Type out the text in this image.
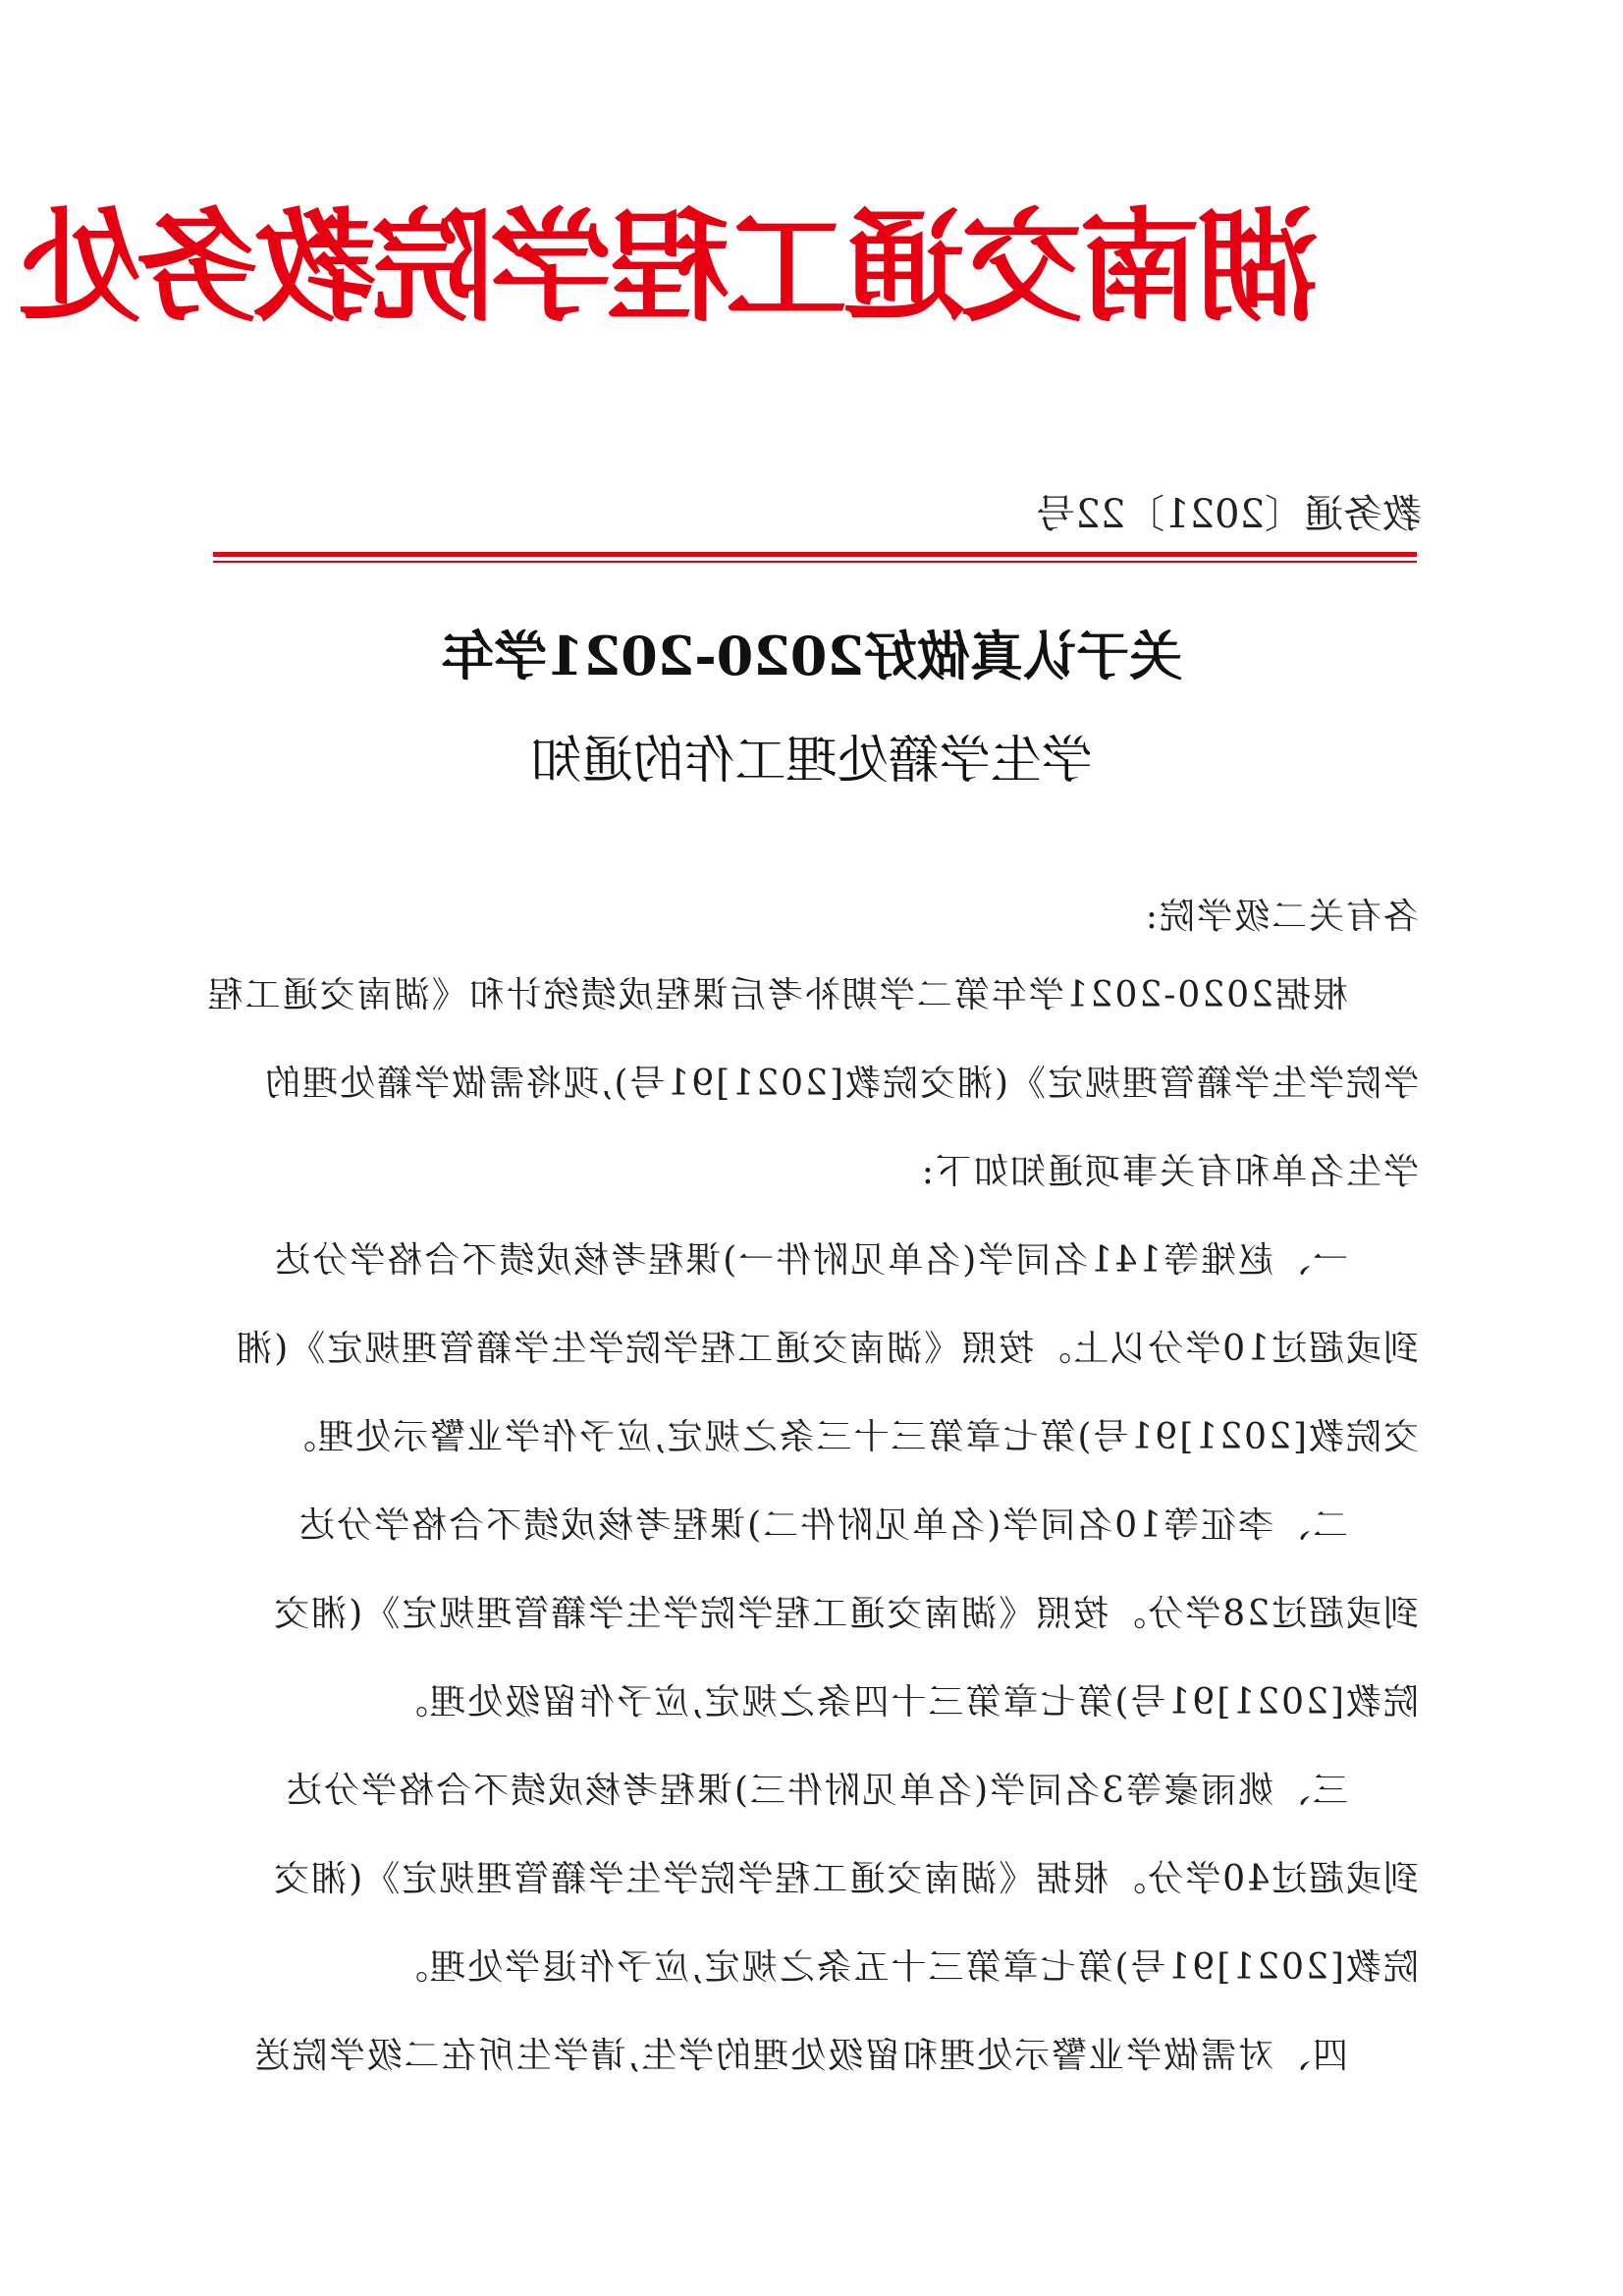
湖南交通工程学院教务处
教务通〔2021〕22号
关于认真做好2020-2021学年
学生学籍处理工作的通知
各有关二级学院:
根据2020-2021学年第二学期补考后课程成绩统计和《湖南交通工程
学院学生学籍管理规定》(湘交院教[2021]91号),现将需做学籍处理的
学生名单和有关事项通知如下:
一、赵雉等141名同学(名单见附件一)课程考核成绩不合格学分达
到或超过10学分以上。按照《湖南交通工程学院学生学籍管理规定》(湘
交院教[2021]91号)第七章第三十三条之规定,应予作学业警示处理。
二、李征等10名同学(名单见附件二)课程考核成绩不合格学分达
到或超过28学分。按照《湖南交通工程学院学生学籍管理规定》(湘交
院教[2021]91号)第七章第三十四条之规定,应予作留级处理。
三、姚雨豪等3名同学(名单见附件三)课程考核成绩不合格学分达
到或超过40学分。根据《湖南交通工程学院学生学籍管理规定》(湘交
院教[2021]91号)第七章第三十五条之规定,应予作退学处理。
四、对需做学业警示处理和留级处理的学生,请学生所在二级学院送
